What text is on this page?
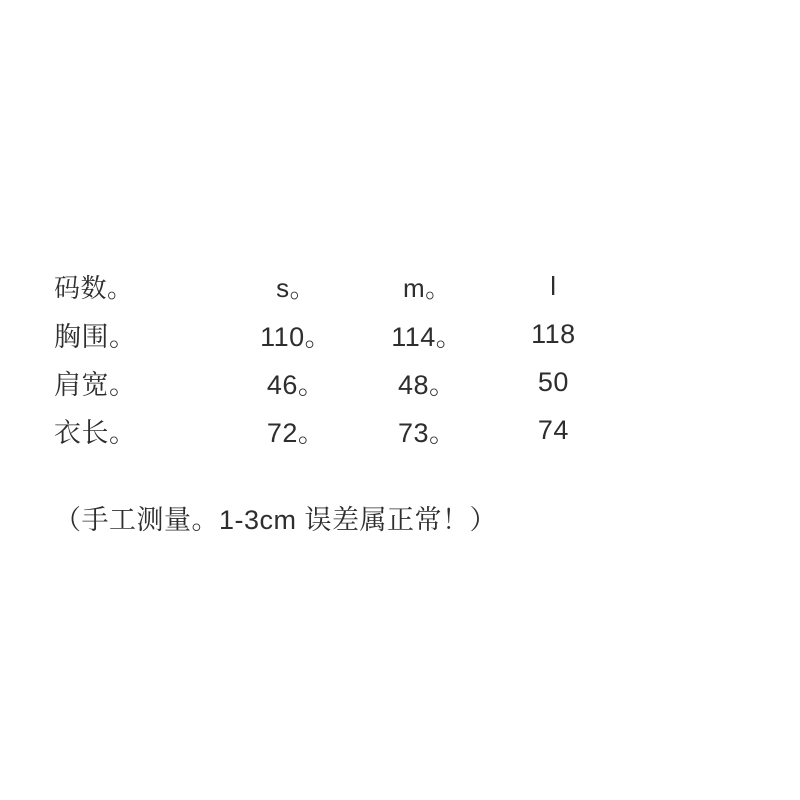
码数。	s。	m。	l
胸围。	110。	114。	118
肩宽。	46。	48。	50
衣长。	72。	73。	74
（手工测量。1-3cm 误差属正常！）
